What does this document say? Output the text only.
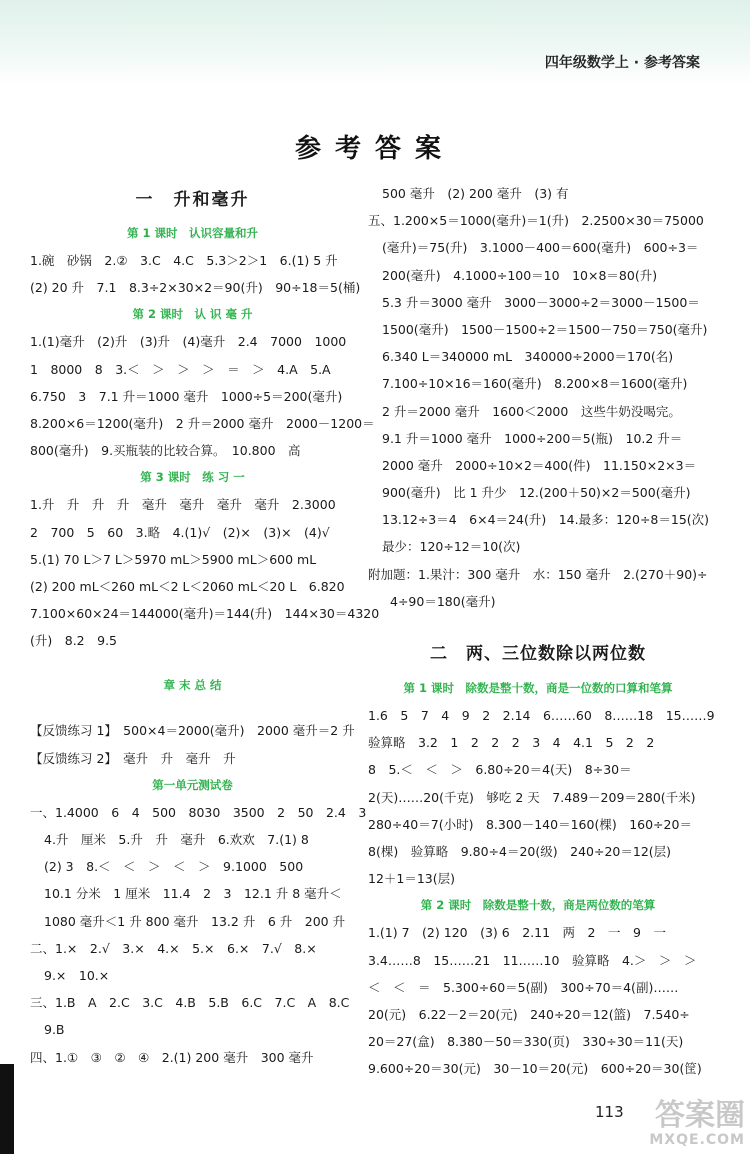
四年级数学上 · 参考答案
参考答案
一　升和毫升
第 1 课时　认识容量和升
1.碗　砂锅　2.②　3.C　4.C　5.3＞2＞1　6.(1) 5 升
(2) 20 升　7.1　8.3÷2×30×2＝90(升)　90÷18＝5(桶)
第 2 课时　认 识 毫 升
1.(1)毫升　(2)升　(3)升　(4)毫升　2.4　7000　1000
1　8000　8　3.＜　＞　＞　＞　＝　＞　4.A　5.A
6.750　3　7.1 升＝1000 毫升　1000÷5＝200(毫升)
8.200×6＝1200(毫升)　2 升＝2000 毫升　2000－1200＝
800(毫升)　9.买瓶装的比较合算。　10.800　高
第 3 课时　练 习 一
1.升　升　升　升　毫升　毫升　毫升　毫升　2.3000
2　700　5　60　3.略　4.(1)√　(2)×　(3)×　(4)√
5.(1) 70 L＞7 L＞5970 mL＞5900 mL＞600 mL
(2) 200 mL＜260 mL＜2 L＜2060 mL＜20 L　6.820
7.100×60×24＝144000(毫升)＝144(升)　144×30＝4320
(升)　8.2　9.5
章 末 总 结
【反馈练习 1】　500×4＝2000(毫升)　2000 毫升＝2 升
【反馈练习 2】　毫升　升　毫升　升
第一单元测试卷
一、1.4000　6　4　500　8030　3500　2　50　2.4　3
4.升　厘米　5.升　升　毫升　6.欢欢　7.(1) 8
(2) 3　8.＜　＜　＞　＜　＞　9.1000　500
10.1 分米　1 厘米　11.4　2　3　12.1 升 8 毫升＜
1080 毫升＜1 升 800 毫升　13.2 升　6 升　200 升
二、1.×　2.√　3.×　4.×　5.×　6.×　7.√　8.×
9.×　10.×
三、1.B　A　2.C　3.C　4.B　5.B　6.C　7.C　A　8.C
9.B
四、1.①　③　②　④　2.(1) 200 毫升　300 毫升
500 毫升　(2) 200 毫升　(3) 有
五、1.200×5＝1000(毫升)＝1(升)　2.2500×30＝75000
(毫升)＝75(升)　3.1000－400＝600(毫升)　600÷3＝
200(毫升)　4.1000÷100＝10　10×8＝80(升)
5.3 升＝3000 毫升　3000－3000÷2＝3000－1500＝
1500(毫升)　1500－1500÷2＝1500－750＝750(毫升)
6.340 L＝340000 mL　340000÷2000＝170(名)
7.100÷10×16＝160(毫升)　8.200×8＝1600(毫升)
2 升＝2000 毫升　1600＜2000　这些牛奶没喝完。
9.1 升＝1000 毫升　1000÷200＝5(瓶)　10.2 升＝
2000 毫升　2000÷10×2＝400(件)　11.150×2×3＝
900(毫升)　比 1 升少　12.(200＋50)×2＝500(毫升)
13.12÷3＝4　6×4＝24(升)　14.最多：120÷8＝15(次)
最少：120÷12＝10(次)
附加题：1.果汁：300 毫升　水：150 毫升　2.(270＋90)÷
4÷90＝180(毫升)
二　两、三位数除以两位数
第 1 课时　除数是整十数，商是一位数的口算和笔算
1.6　5　7　4　9　2　2.14　6……60　8……18　15……9
验算略　3.2　1　2　2　2　3　4　4.1　5　2　2
8　5.＜　＜　＞　6.80÷20＝4(天)　8÷30＝
2(天)……20(千克)　够吃 2 天　7.489－209＝280(千米)
280÷40＝7(小时)　8.300－140＝160(棵)　160÷20＝
8(棵)　验算略　9.80÷4＝20(级)　240÷20＝12(层)
12＋1＝13(层)
第 2 课时　除数是整十数，商是两位数的笔算
1.(1) 7　(2) 120　(3) 6　2.11　两　2　一　9　一
3.4……8　15……21　11……10　验算略　4.＞　＞　＞
＜　＜　＝　5.300÷60＝5(副)　300÷70＝4(副)……
20(元)　6.22－2＝20(元)　240÷20＝12(篮)　7.540÷
20＝27(盒)　8.380－50＝330(页)　330÷30＝11(天)
9.600÷20＝30(元)　30－10＝20(元)　600÷20＝30(筐)
113	答案圈
MXQE.COM
